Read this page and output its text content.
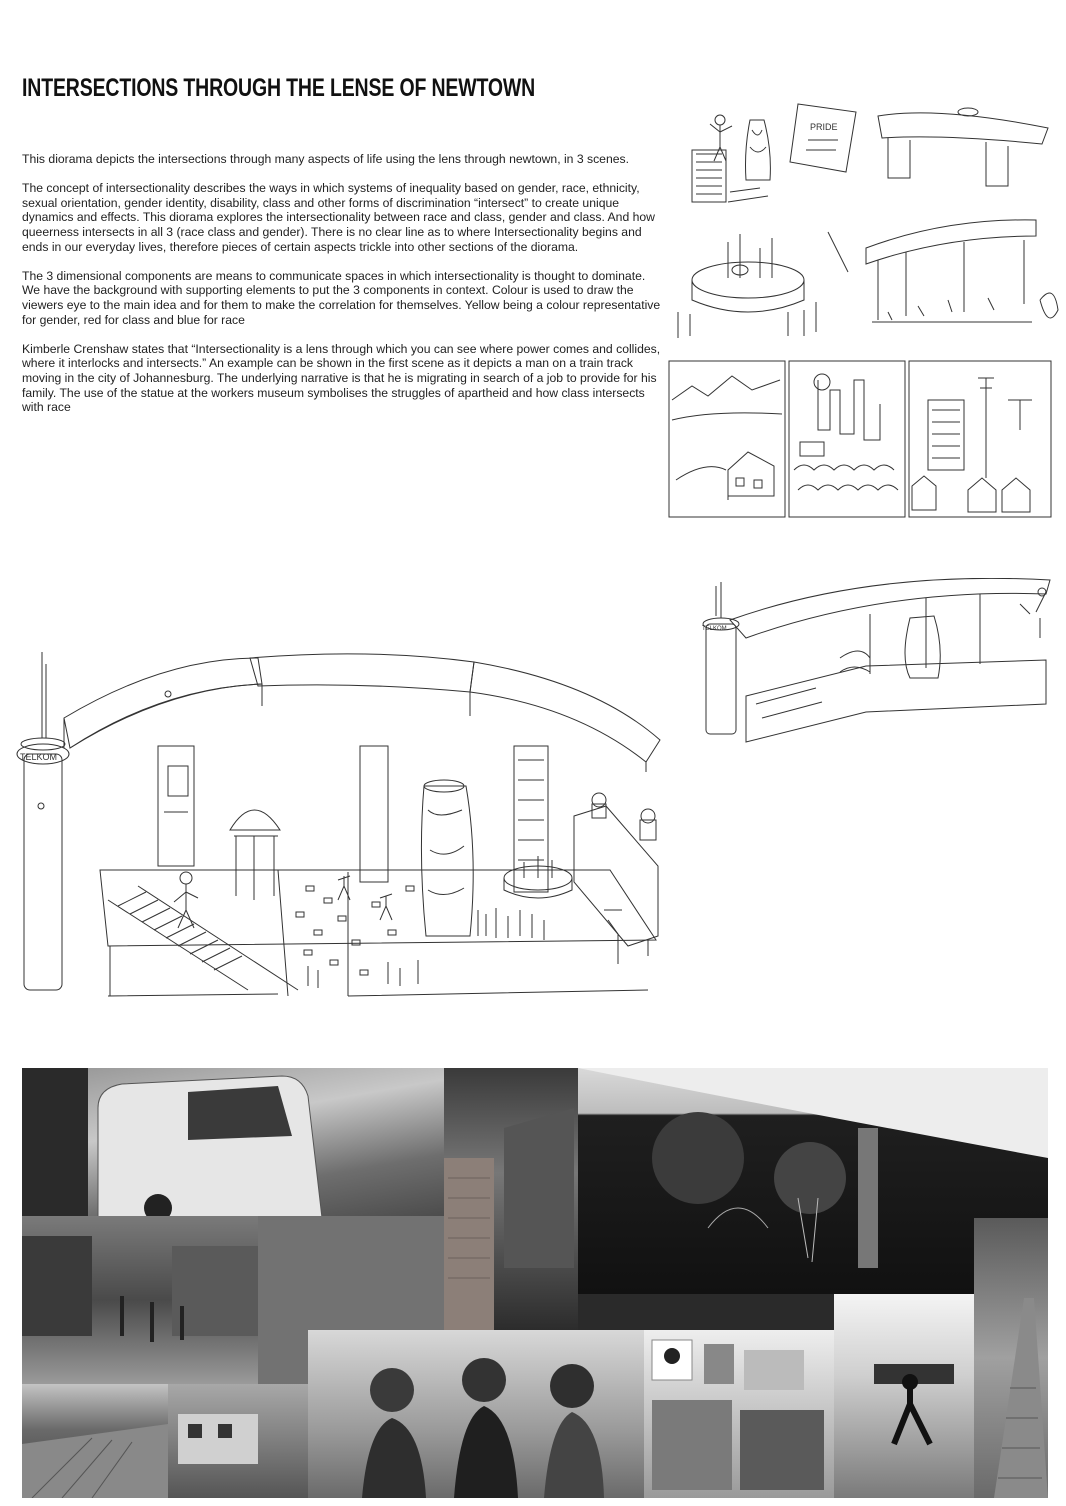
INTERSECTIONS THROUGH THE LENSE OF NEWTOWN

This diorama depicts the intersections through many aspects of life using the lens through newtown, in 3 scenes.

The concept of intersectionality describes the ways in which systems of inequality based on gender, race, ethnicity, sexual orientation, gender identity, disability, class and other forms of discrimination “intersect” to create unique dynamics and effects. This diorama explores the intersectionality between race and class, gender and class. And how queerness intersects in all 3 (race class and gender). There is no clear line as to where Intersectionality begins and ends in our everyday lives, therefore pieces of certain aspects trickle into other sections of the diorama.

The 3 dimensional components are means to communicate spaces in which intersectionality is thought to dominate. We have the background with supporting elements to put the 3 components in context. Colour is used to draw the viewers eye to the main idea and for them to make the correlation for themselves. Yellow being a colour representative for gender, red for class and blue for race

Kimberle Crenshaw states that “Intersectionality is a lens through which you can see where power comes and collides, where it interlocks and intersects.” An example can be shown in the first scene as it depicts a man on a train track moving in the city of Johannesburg. The underlying narrative is that he is migrating in search of a job to provide for his family. The use of the statue at the workers museum symbolises the struggles of apartheid and how class intersects with race

PRIDE
TELKOM
TELKOM
